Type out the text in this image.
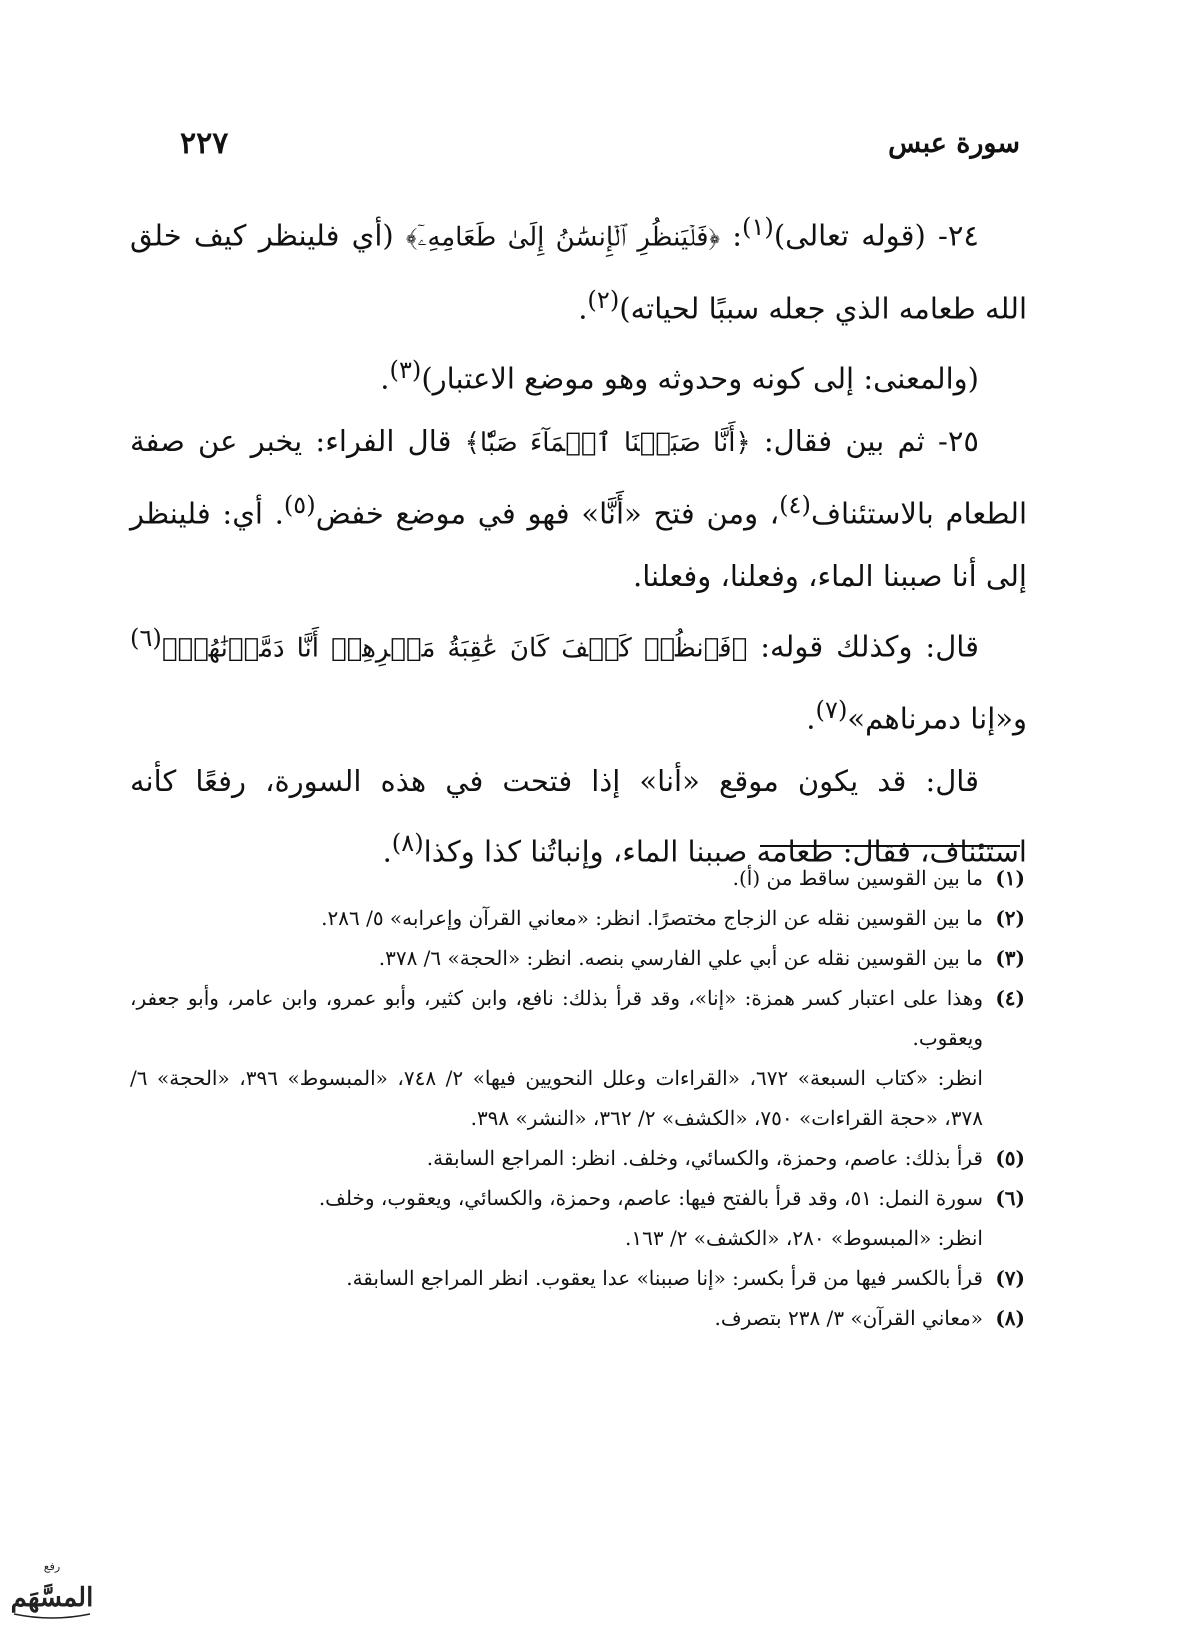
سورة عبس
٢٢٧

٢٤- (قوله تعالى)$^{(١)}$: ﴿فَلۡيَنظُرِ ٱلۡإِنسَٰنُ إِلَىٰ طَعَامِهِۦٓ﴾ (أي فلينظر كيف خلق الله طعامه الذي جعله سببًا لحياته)$^{(٢)}$.

(والمعنى: إلى كونه وحدوثه وهو موضع الاعتبار)$^{(٣)}$.

٢٥- ثم بين فقال: ﴿أَنَّا صَبَبۡنَا ٱلۡمَآءَ صَبّٗا﴾ قال الفراء: يخبر عن صفة الطعام بالاستئناف$^{(٤)}$، ومن فتح «أَنَّا» فهو في موضع خفض$^{(٥)}$. أي: فلينظر إلى أنا صببنا الماء، وفعلنا، وفعلنا.

قال: وكذلك قوله: ﴿فَٱنظُرۡ كَيۡفَ كَانَ عَٰقِبَةُ مَكۡرِهِمۡ أَنَّا دَمَّرۡنَٰهُمۡ﴾$^{(٦)}$ و«إنا دمرناهم»$^{(٧)}$.

قال: قد يكون موقع «أنا» إذا فتحت في هذه السورة، رفعًا كأنه استئناف، فقال: طعامه صببنا الماء، وإنباتُنا كذا وكذا$^{(٨)}$.

(١)
ما بين القوسين ساقط من (أ).
(٢)
ما بين القوسين نقله عن الزجاج مختصرًا. انظر: «معاني القرآن وإعرابه» ٥/ ٢٨٦.
(٣)
ما بين القوسين نقله عن أبي علي الفارسي بنصه. انظر: «الحجة» ٦/ ٣٧٨.
(٤)
وهذا على اعتبار كسر همزة: «إنا»، وقد قرأ بذلك: نافع، وابن كثير، وأبو عمرو، وابن عامر، وأبو جعفر، ويعقوب.
انظر: «كتاب السبعة» ٦٧٢، «القراءات وعلل النحويين فيها» ٢/ ٧٤٨، «المبسوط» ٣٩٦، «الحجة» ٦/ ٣٧٨، «حجة القراءات» ٧٥٠، «الكشف» ٢/ ٣٦٢، «النشر» ٣٩٨.
(٥)
قرأ بذلك: عاصم، وحمزة، والكسائي، وخلف. انظر: المراجع السابقة.
(٦)
سورة النمل: ٥١، وقد قرأ بالفتح فيها: عاصم، وحمزة، والكسائي، ويعقوب، وخلف.
انظر: «المبسوط» ٢٨٠، «الكشف» ٢/ ١٦٣.
(٧)
قرأ بالكسر فيها من قرأ بكسر: «إنا صببنا» عدا يعقوب. انظر المراجع السابقة.
(٨)
«معاني القرآن» ٣/ ٢٣٨ بتصرف.
رفع
المسَّهَم
